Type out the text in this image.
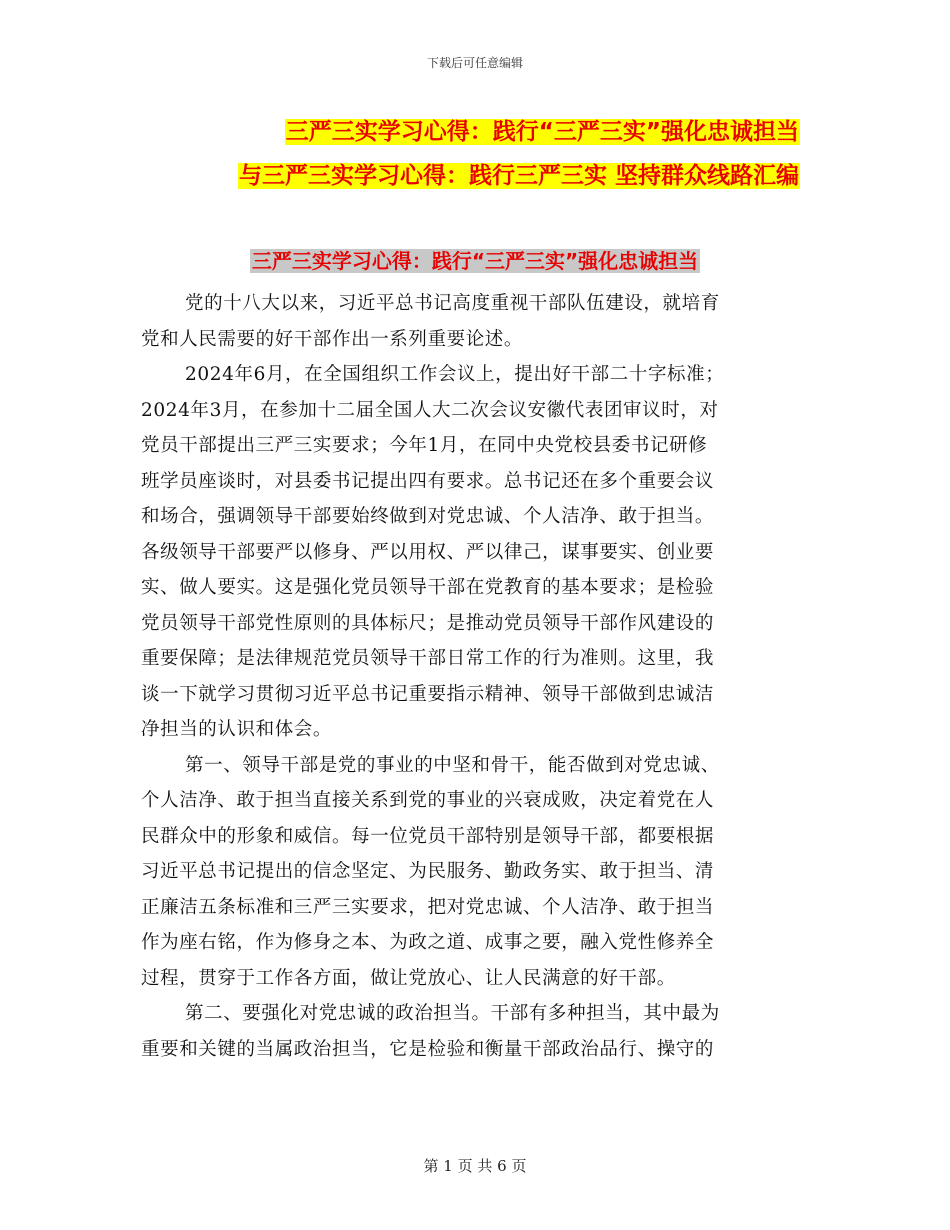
下载后可任意编辑
三严三实学习心得：践行“三严三实”强化忠诚担当
与三严三实学习心得：践行三严三实 坚持群众线路汇编
三严三实学习心得：践行“三严三实”强化忠诚担当
党的十八大以来，习近平总书记高度重视干部队伍建设，就培育
党和人民需要的好干部作出一系列重要论述。
2024年6月，在全国组织工作会议上，提出好干部二十字标准；
2024年3月，在参加十二届全国人大二次会议安徽代表团审议时，对
党员干部提出三严三实要求；今年1月，在同中央党校县委书记研修
班学员座谈时，对县委书记提出四有要求。总书记还在多个重要会议
和场合，强调领导干部要始终做到对党忠诚、个人洁净、敢于担当。
各级领导干部要严以修身、严以用权、严以律己，谋事要实、创业要
实、做人要实。这是强化党员领导干部在党教育的基本要求；是检验
党员领导干部党性原则的具体标尺；是推动党员领导干部作风建设的
重要保障；是法律规范党员领导干部日常工作的行为准则。这里，我
谈一下就学习贯彻习近平总书记重要指示精神、领导干部做到忠诚洁
净担当的认识和体会。
第一、领导干部是党的事业的中坚和骨干，能否做到对党忠诚、
个人洁净、敢于担当直接关系到党的事业的兴衰成败，决定着党在人
民群众中的形象和威信。每一位党员干部特别是领导干部，都要根据
习近平总书记提出的信念坚定、为民服务、勤政务实、敢于担当、清
正廉洁五条标准和三严三实要求，把对党忠诚、个人洁净、敢于担当
作为座右铭，作为修身之本、为政之道、成事之要，融入党性修养全
过程，贯穿于工作各方面，做让党放心、让人民满意的好干部。
第二、要强化对党忠诚的政治担当。干部有多种担当，其中最为
重要和关键的当属政治担当，它是检验和衡量干部政治品行、操守的
第 1 页 共 6 页
